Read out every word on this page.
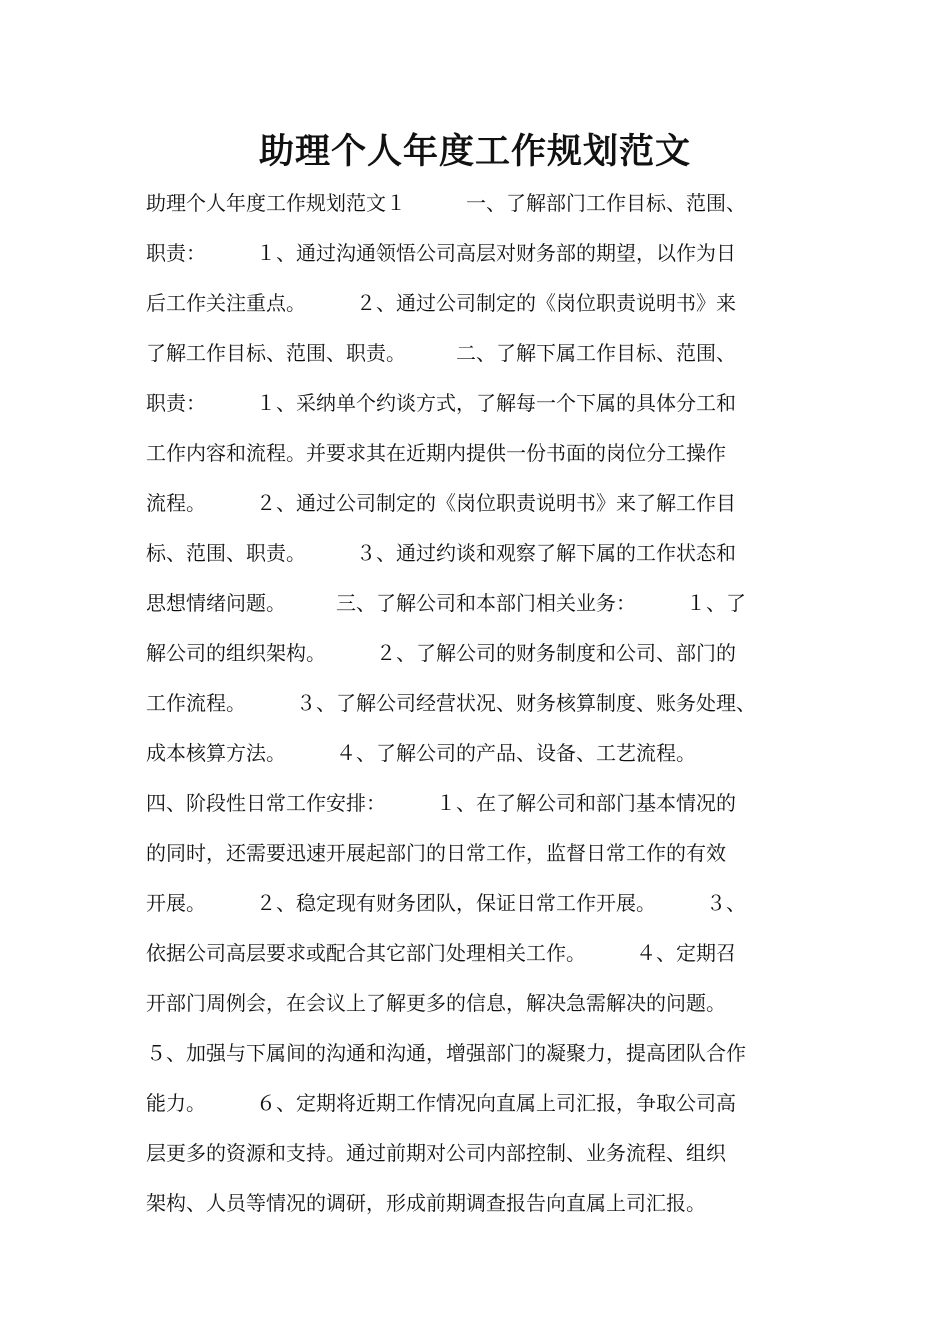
助理个人年度工作规划范文
助理个人年度工作规划范文１　　　一、了解部门工作目标、范围、
职责：　　　１、通过沟通领悟公司高层对财务部的期望，以作为日
后工作关注重点。　　　２、通过公司制定的《岗位职责说明书》来
了解工作目标、范围、职责。　　　二、了解下属工作目标、范围、
职责：　　　１、采纳单个约谈方式，了解每一个下属的具体分工和
工作内容和流程。并要求其在近期内提供一份书面的岗位分工操作
流程。　　　２、通过公司制定的《岗位职责说明书》来了解工作目
标、范围、职责。　　　３、通过约谈和观察了解下属的工作状态和
思想情绪问题。　　　三、了解公司和本部门相关业务：　　　１、了
解公司的组织架构。　　　２、了解公司的财务制度和公司、部门的
工作流程。　　　３、了解公司经营状况、财务核算制度、账务处理、
成本核算方法。　　　４、了解公司的产品、设备、工艺流程。
四、阶段性日常工作安排：　　　１、在了解公司和部门基本情况的
的同时，还需要迅速开展起部门的日常工作，监督日常工作的有效
开展。　　　２、稳定现有财务团队，保证日常工作开展。　　　３、
依据公司高层要求或配合其它部门处理相关工作。　　　４、定期召
开部门周例会，在会议上了解更多的信息，解决急需解决的问题。
５、加强与下属间的沟通和沟通，增强部门的凝聚力，提高团队合作
能力。　　　６、定期将近期工作情况向直属上司汇报，争取公司高
层更多的资源和支持。通过前期对公司内部控制、业务流程、组织
架构、人员等情况的调研，形成前期调查报告向直属上司汇报。
